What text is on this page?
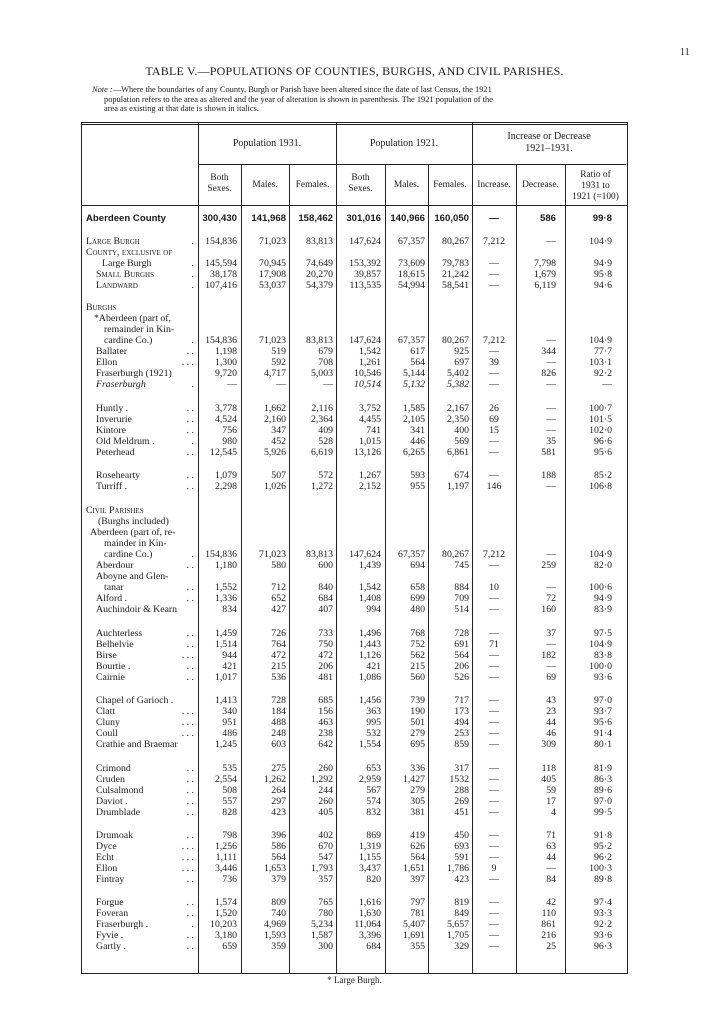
11
TABLE V.—POPULATIONS OF COUNTIES, BURGHS, AND CIVIL PARISHES.
Note :—Where the boundaries of any County, Burgh or Parish have been altered since the date of last Census, the 1921
population refers to the area as altered and the year of alteration is shown in parenthesis. The 1921 population of the
area as existing at that date is shown in italics.
Population 1931.	Population 1921.
Increase or Decrease
1921–1931.
Both
Sexes.	Males.	Females.
Both
Sexes.	Males.	Females.	Increase.	Decrease.
Ratio of
1931 to
1921 (=100)
Aberdeen County	300,430 141,968 158,462 301,016 140,966 160,050	—	586	99·8
Large Burgh	. 154,836 71,023 83,813 147,624 67,357 80,267	7,212	—	104·9
County, exclusive of
Large Burgh	. 145,594 70,945 74,649 153,392 73,609 79,783	—	7,798	94·9
Small Burghs	. 38,178 17,908 20,270 39,857 18,615 21,242	—	1,679	95·8
Landward	. 107,416 53,037 54,379 113,535 54,994 58,541	—	6,119	94·6
Burghs
*Aberdeen (part of,
remainder in Kin-
cardine Co.)	. 154,836 71,023 83,813 147,624 67,357 80,267	7,212	—	104·9
Ballater	. . 1,198	519	679	1,542	617	925	—	344	77·7
Ellon	. . . 1,300	592	708	1,261	564	697	39	—	103·1
Fraserburgh (1921)	9,720	4,717	5,003 10,546 5,144 5,402	—	826	92·2
Fraserburgh	.	—	—	— 10,514 5,132 5,382	—	—	—
Huntly .	. . 3,778	1,662	2,116	3,752 1,585 2,167	26	—	100·7
Inverurie	. . 4,524	2,160	2,364	4,455 2,105 2,350	69	—	101·5
Kintore	. .	756	347	409	741	341	400	15	—	102·0
Old Meldrum .	.	980	452	528	1,015	446	569	—	35	96·6
Peterhead	. . 12,545	5,926	6,619 13,126 6,265 6,861	—	581	95·6
Rosehearty	. . 1,079	507	572	1,267	593	674	—	188	85·2
Turriff .	. . 2,298	1,026	1,272	2,152	955 1,197	146	—	106·8
Civil Parishes
(Burghs included)
Aberdeen (part of, re-
mainder in Kin-
cardine Co.)	. 154,836 71,023 83,813 147,624 67,357 80,267	7,212	—	104·9
Aberdour	. . 1,180	580	600	1,439	694	745	—	259	82·0
Aboyne and Glen-
tanar	. . 1,552	712	840	1,542	658	884	10	—	100·6
Alford .	. . 1,336	652	684	1,408	699	709	—	72	94·9
Auchindoir & Kearn	834	427	407	994	480	514	—	160	83·9
Auchterless	. . 1,459	726	733	1,496	768	728	—	37	97·5
Belhelvie	. . 1,514	764	750	1,443	752	691	71	—	104·9
Birse	. . .	944	472	472	1,126	562	564	—	182	83·8
Bourtie .	. .	421	215	206	421	215	206	—	—	100·0
Cairnie	. . 1,017	536	481	1,086	560	526	—	69	93·6
Chapel of Garioch .	1,413	728	685	1,456	739	717	—	43	97·0
Clatt	. . .	340	184	156	363	190	173	—	23	93·7
Cluny	. . .	951	488	463	995	501	494	—	44	95·6
Coull	. . .	486	248	238	532	279	253	—	46	91·4
Crathie and Braemar	1,245	603	642	1,554	695	859	—	309	80·1
Crimond	. .	535	275	260	653	336	317	—	118	81·9
Cruden	. . 2,554	1,262	1,292	2,959 1,427 1532	—	405	86·3
Culsalmond	. .	508	264	244	567	279	288	—	59	89·6
Daviot .	. .	557	297	260	574	305	269	—	17	97·0
Drumblade	. .	828	423	405	832	381	451	—	4	99·5
Drumoak	. .	798	396	402	869	419	450	—	71	91·8
Dyce	. . . 1,256	586	670	1,319	626	693	—	63	95·2
Echt	. . . 1,111	564	547	1,155	564	591	—	44	96·2
Ellon	. . . 3,446	1,653	1,793	3,437 1,651 1,786	9	—	100·3
Fintray	. .	736	379	357	820	397	423	—	84	89·8
Forgue	. . 1,574	809	765	1,616	797	819	—	42	97·4
Foveran	. . 1,520	740	780	1,630	781	849	—	110	93·3
Fraserburgh .	. 10,203	4,969	5,234 11,064 5,407 5,657	—	861	92·2
Fyvie .	. . 3,180	1,593	1,587	3,396 1,691 1,705	—	216	93·6
Gartly .	. .	659	359	300	684	355	329	—	25	96·3
* Large Burgh.
